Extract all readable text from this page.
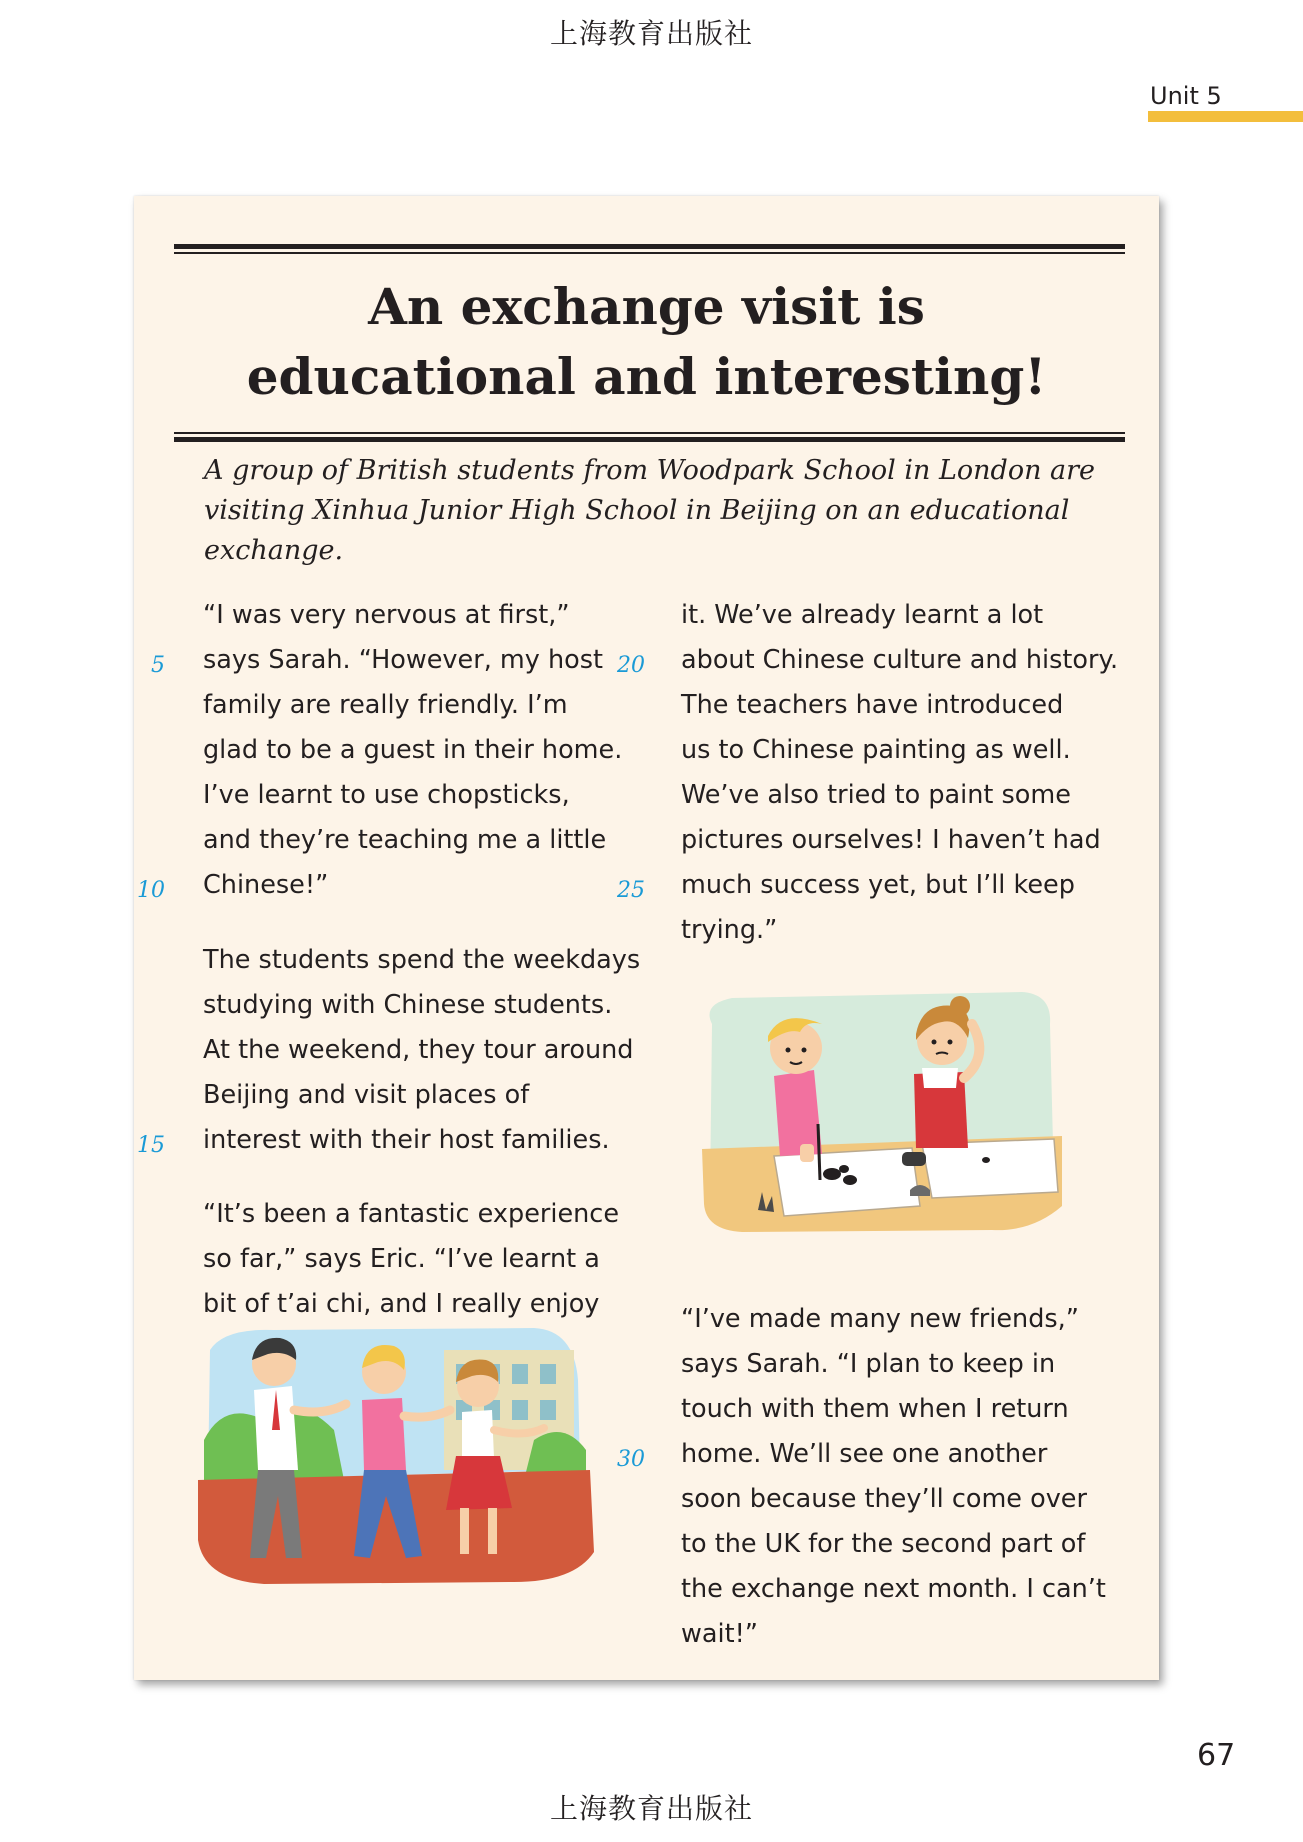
上海教育出版社
Unit 5
An exchange visit is
educational and interesting!
A group of British students from Woodpark School in London are
visiting Xinhua Junior High School in Beijing on an educational
exchange.
“I was very nervous at first,”
says Sarah. “However, my host
family are really friendly. I’m
glad to be a guest in their home.
I’ve learnt to use chopsticks,
and they’re teaching me a little
Chinese!”
The students spend the weekdays
studying with Chinese students.
At the weekend, they tour around
Beijing and visit places of
interest with their host families.
“It’s been a fantastic experience
so far,” says Eric. “I’ve learnt a
bit of t’ai chi, and I really enjoy
5
10
15
it. We’ve already learnt a lot
about Chinese culture and history.
The teachers have introduced
us to Chinese painting as well.
We’ve also tried to paint some
pictures ourselves! I haven’t had
much success yet, but I’ll keep
trying.”
“I’ve made many new friends,”
says Sarah. “I plan to keep in
touch with them when I return
home. We’ll see one another
soon because they’ll come over
to the UK for the second part of
the exchange next month. I can’t
wait!”
20
25
30
67
上海教育出版社
